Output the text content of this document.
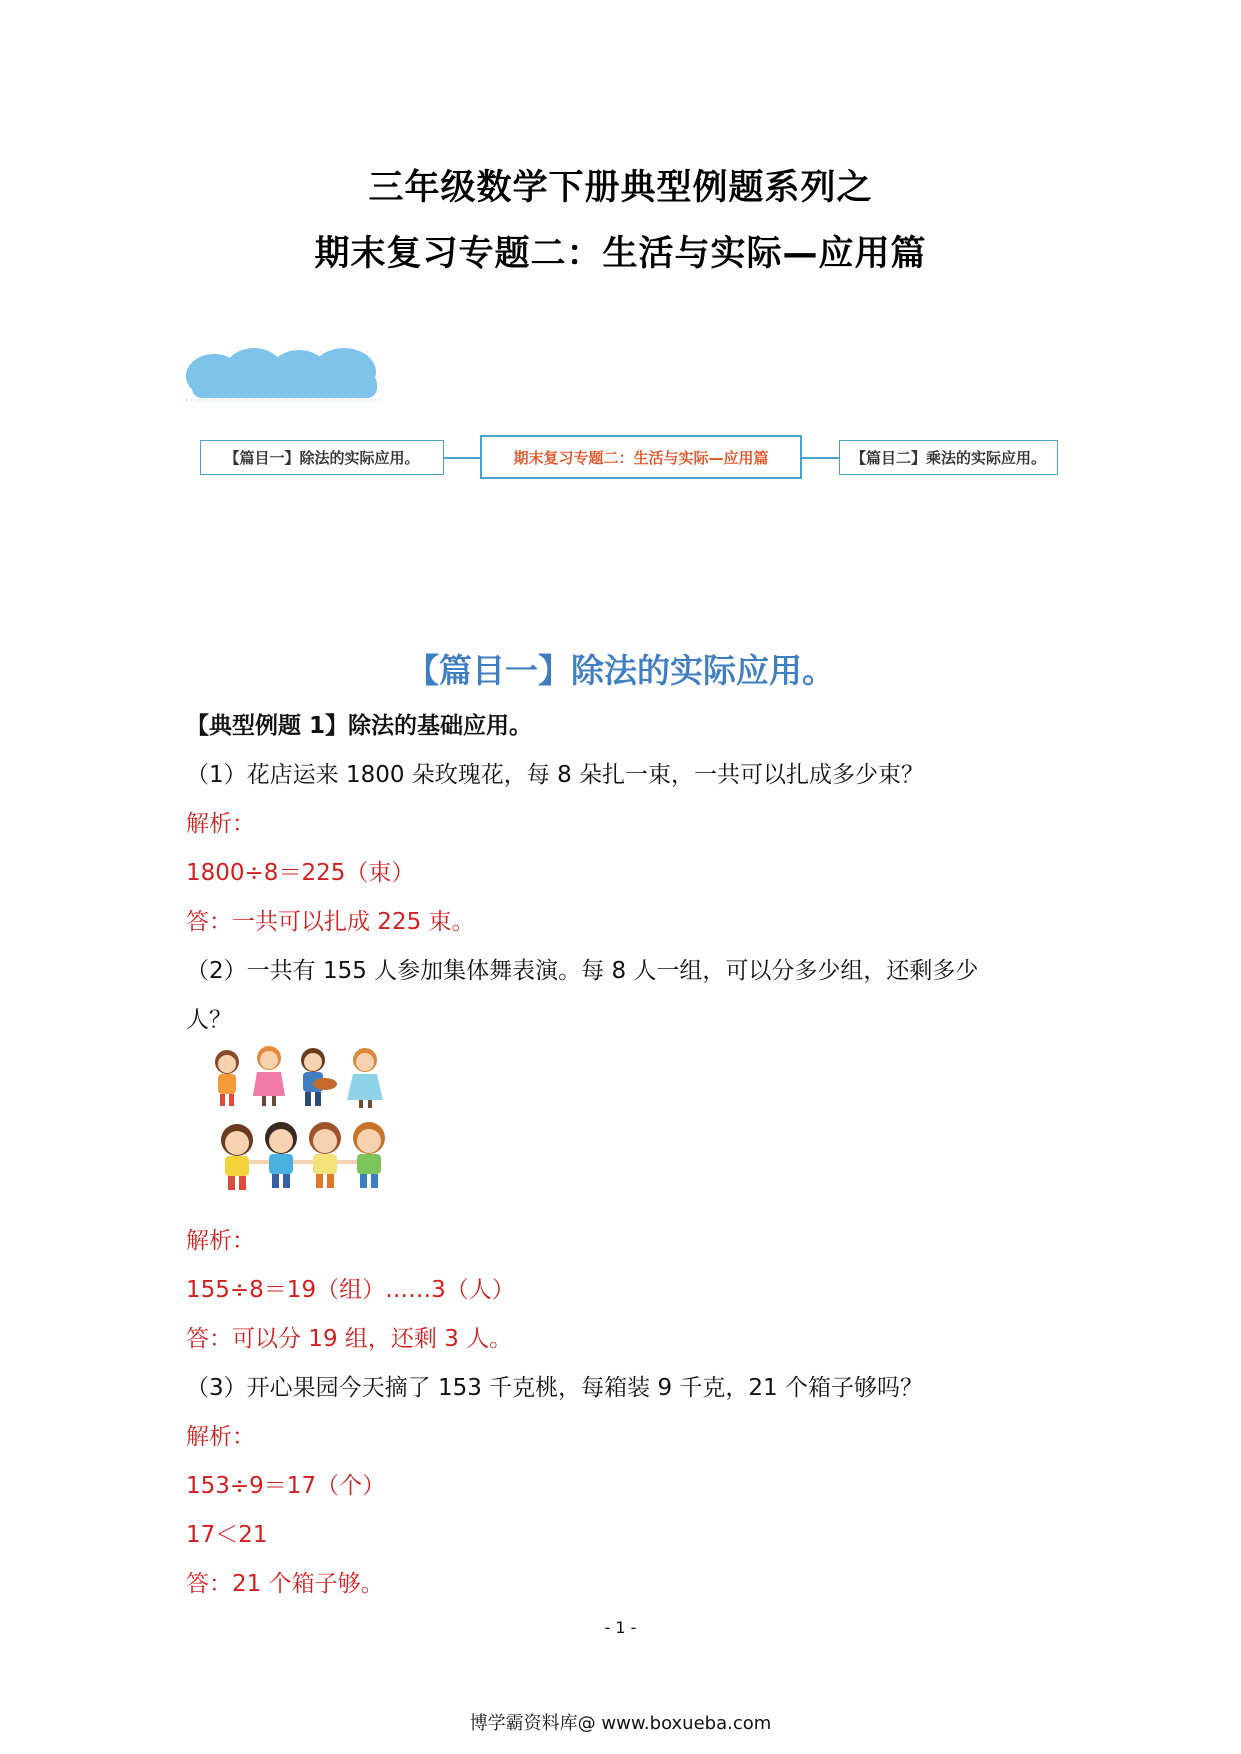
三年级数学下册典型例题系列之
期末复习专题二：生活与实际—应用篇
【篇目一】除法的实际应用。	期末复习专题二：生活与实际—应用篇	【篇目二】乘法的实际应用。
【篇目一】除法的实际应用。
【典型例题 1】除法的基础应用。
（1）花店运来 1800 朵玫瑰花，每 8 朵扎一束，一共可以扎成多少束？
解析：
1800÷8＝225（束）
答：一共可以扎成 225 束。
（2）一共有 155 人参加集体舞表演。每 8 人一组，可以分多少组，还剩多少
人？
解析：
155÷8＝19（组）……3（人）
答：可以分 19 组，还剩 3 人。
（3）开心果园今天摘了 153 千克桃，每箱装 9 千克，21 个箱子够吗？
解析：
153÷9＝17（个）
17＜21
答：21 个箱子够。
- 1 -
博学霸资料库@ www.boxueba.com
